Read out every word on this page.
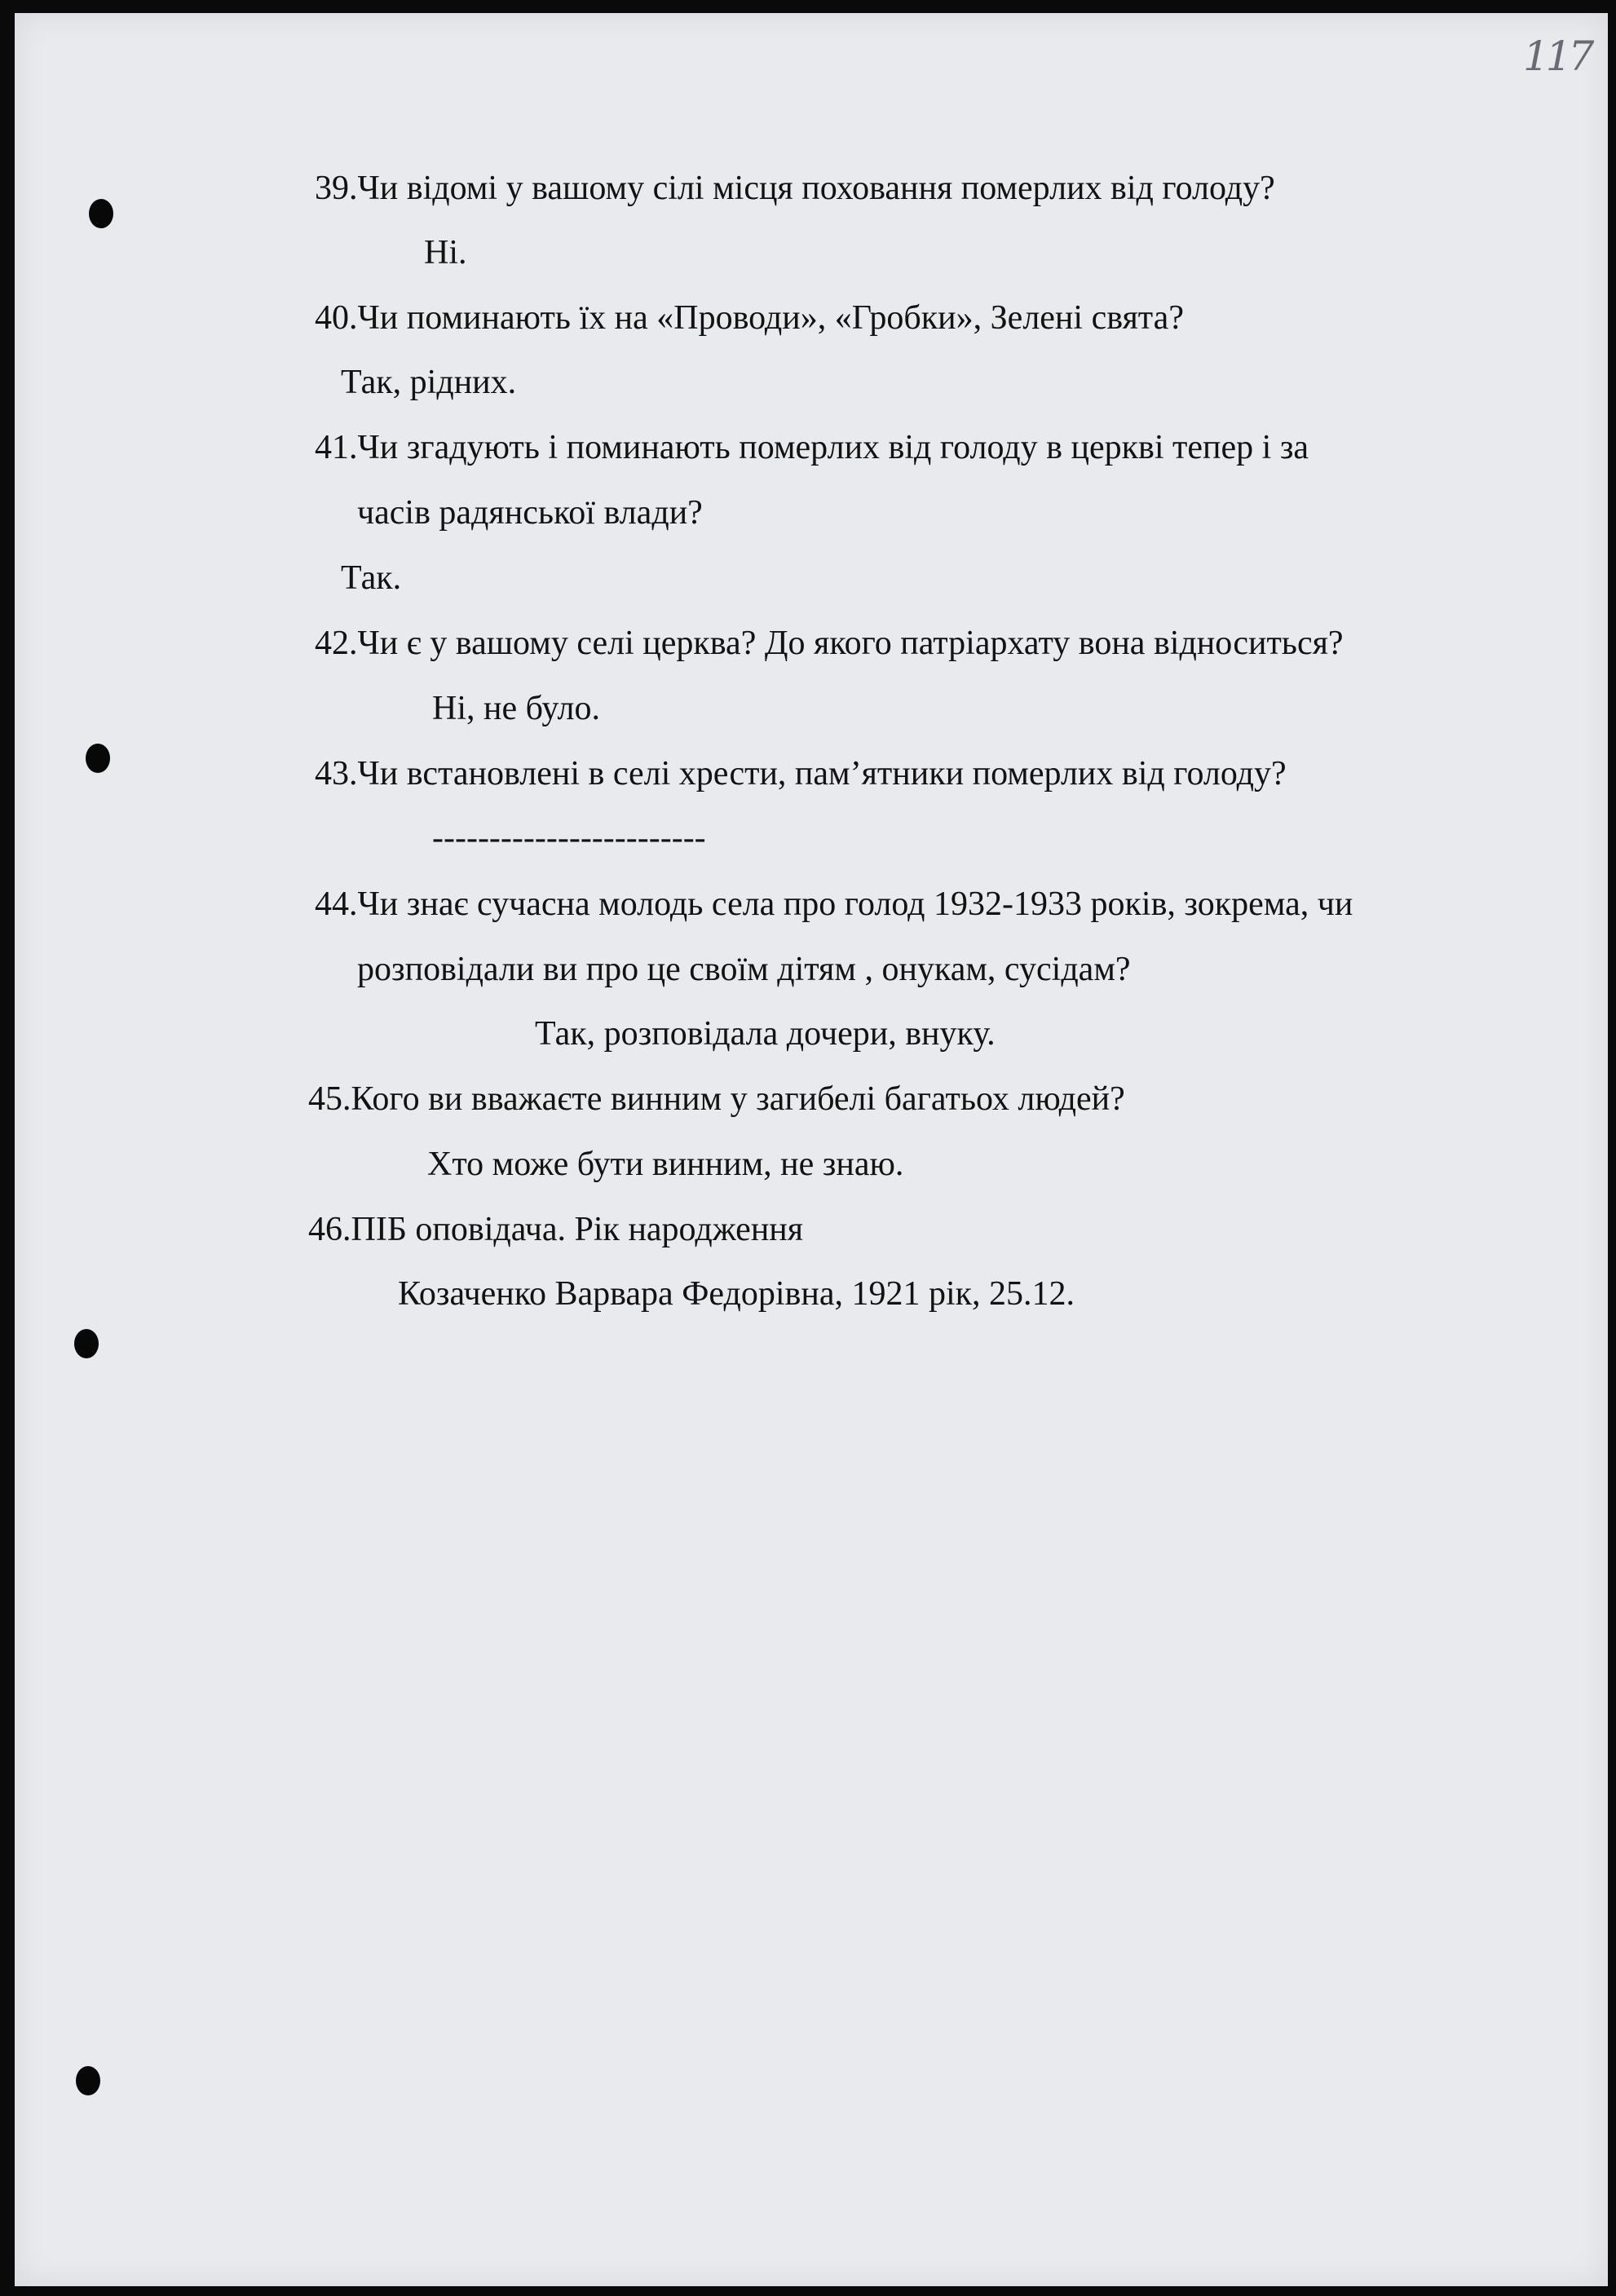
117
39.Чи відомі у вашому сілі місця поховання померлих від голоду?
Ні.
40.Чи поминають їх на «Проводи», «Гробки», Зелені свята?
Так, рідних.
41.Чи згадують і поминають померлих від голоду в церкві тепер і за
часів радянської влади?
Так.
42.Чи є у вашому селі церква? До якого патріархату вона відноситься?
Ні, не було.
43.Чи встановлені в селі хрести, пам’ятники померлих від голоду?
------------------------
44.Чи знає сучасна молодь села про голод 1932-1933 років, зокрема, чи
розповідали ви про це своїм дітям , онукам, сусідам?
Так, розповідала дочери, внуку.
45.Кого ви вважаєте винним у загибелі багатьох людей?
Хто може бути винним, не знаю.
46.ПІБ оповідача. Рік народження
Козаченко Варвара Федорівна, 1921 рік, 25.12.
